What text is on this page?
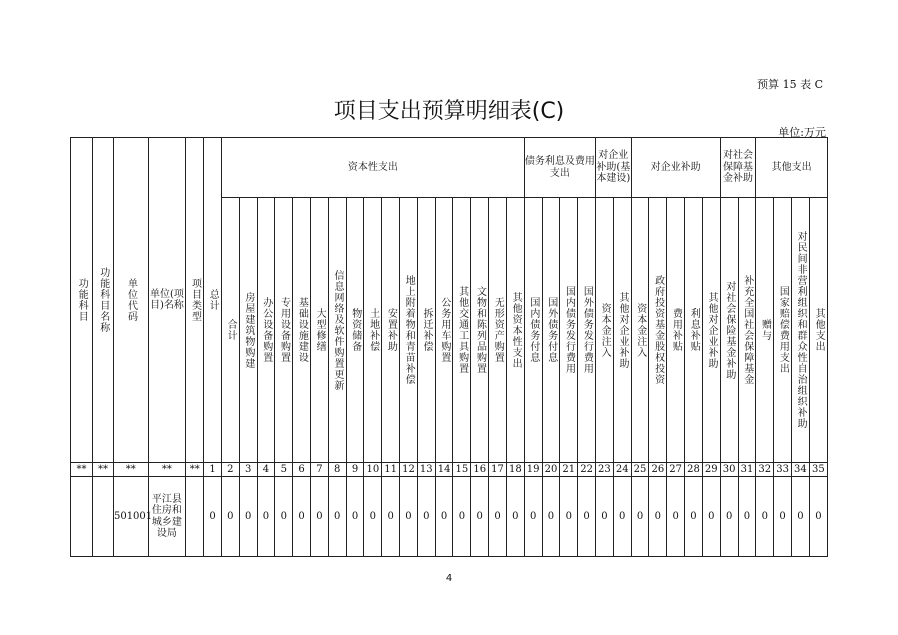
预算 15 表 C
项目支出预算明细表(C)
单位:万元
功能科目	功能科目名称	单位代码	单位(项目)名称	项目类型	总计	资本性支出																	债务利息及费用支出				对企业补助(基本建设)		对企业补助					对社会保障基金补助		其他支出			

						合计	房屋建筑物购建	办公设备购置	专用设备购置	基础设施建设	大型修缮	信息网络及软件购置更新	物资储备	土地补偿	安置补助	地上附着物和青苗补偿	拆迁补偿	公务用车购置	其他交通工具购置	文物和陈列品购置	无形资产购置	其他资本性支出	国内债务付息	国外债务付息	国内债务发行费用	国外债务发行费用	资本金注入	其他对企业补助	资本金注入	政府投资基金股权投资	费用补贴	利息补贴	其他对企业补助	对社会保险基金补助	补充全国社会保障基金	赠与	国家赔偿费用支出	对民间非营利组织和群众性自治组织补助	其他支出

**	**	**	**	**	1	2	3	4	5	6	7	8	9	10	11	12	13	14	15	16	17	18	19	20	21	22	23	24	25	26	27	28	29	30	31	32	33	34	35
		501001	平江县住房和城乡建设局		0	0	0	0	0	0	0	0	0	0	0	0	0	0	0	0	0	0	0	0	0	0	0	0	0	0	0	0	0	0	0	0	0	0	0
4
